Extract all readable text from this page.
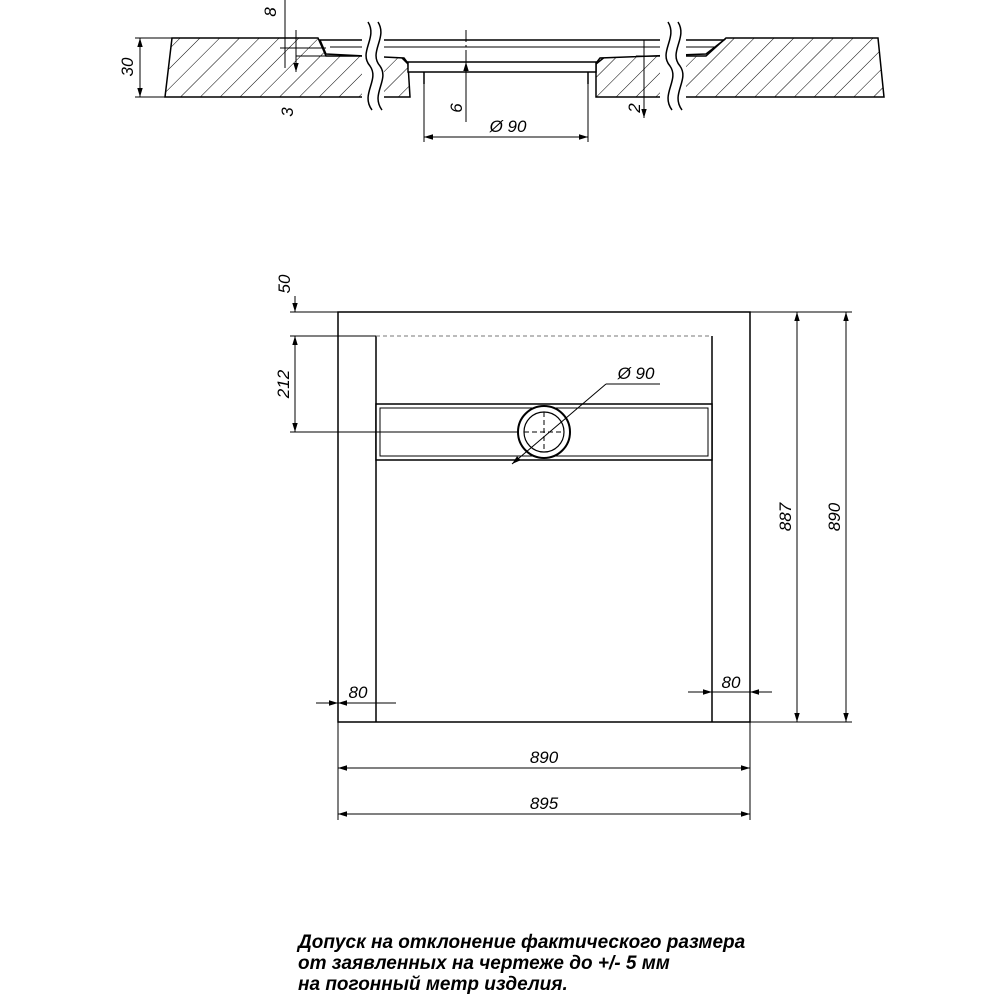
30
8
3	6	2
Ø 90
Ø 90
50
212
80
80
887 890
890
895
Допуск на отклонение фактического размера
от заявленных на чертеже до +/- 5 мм
на погонный метр изделия.
